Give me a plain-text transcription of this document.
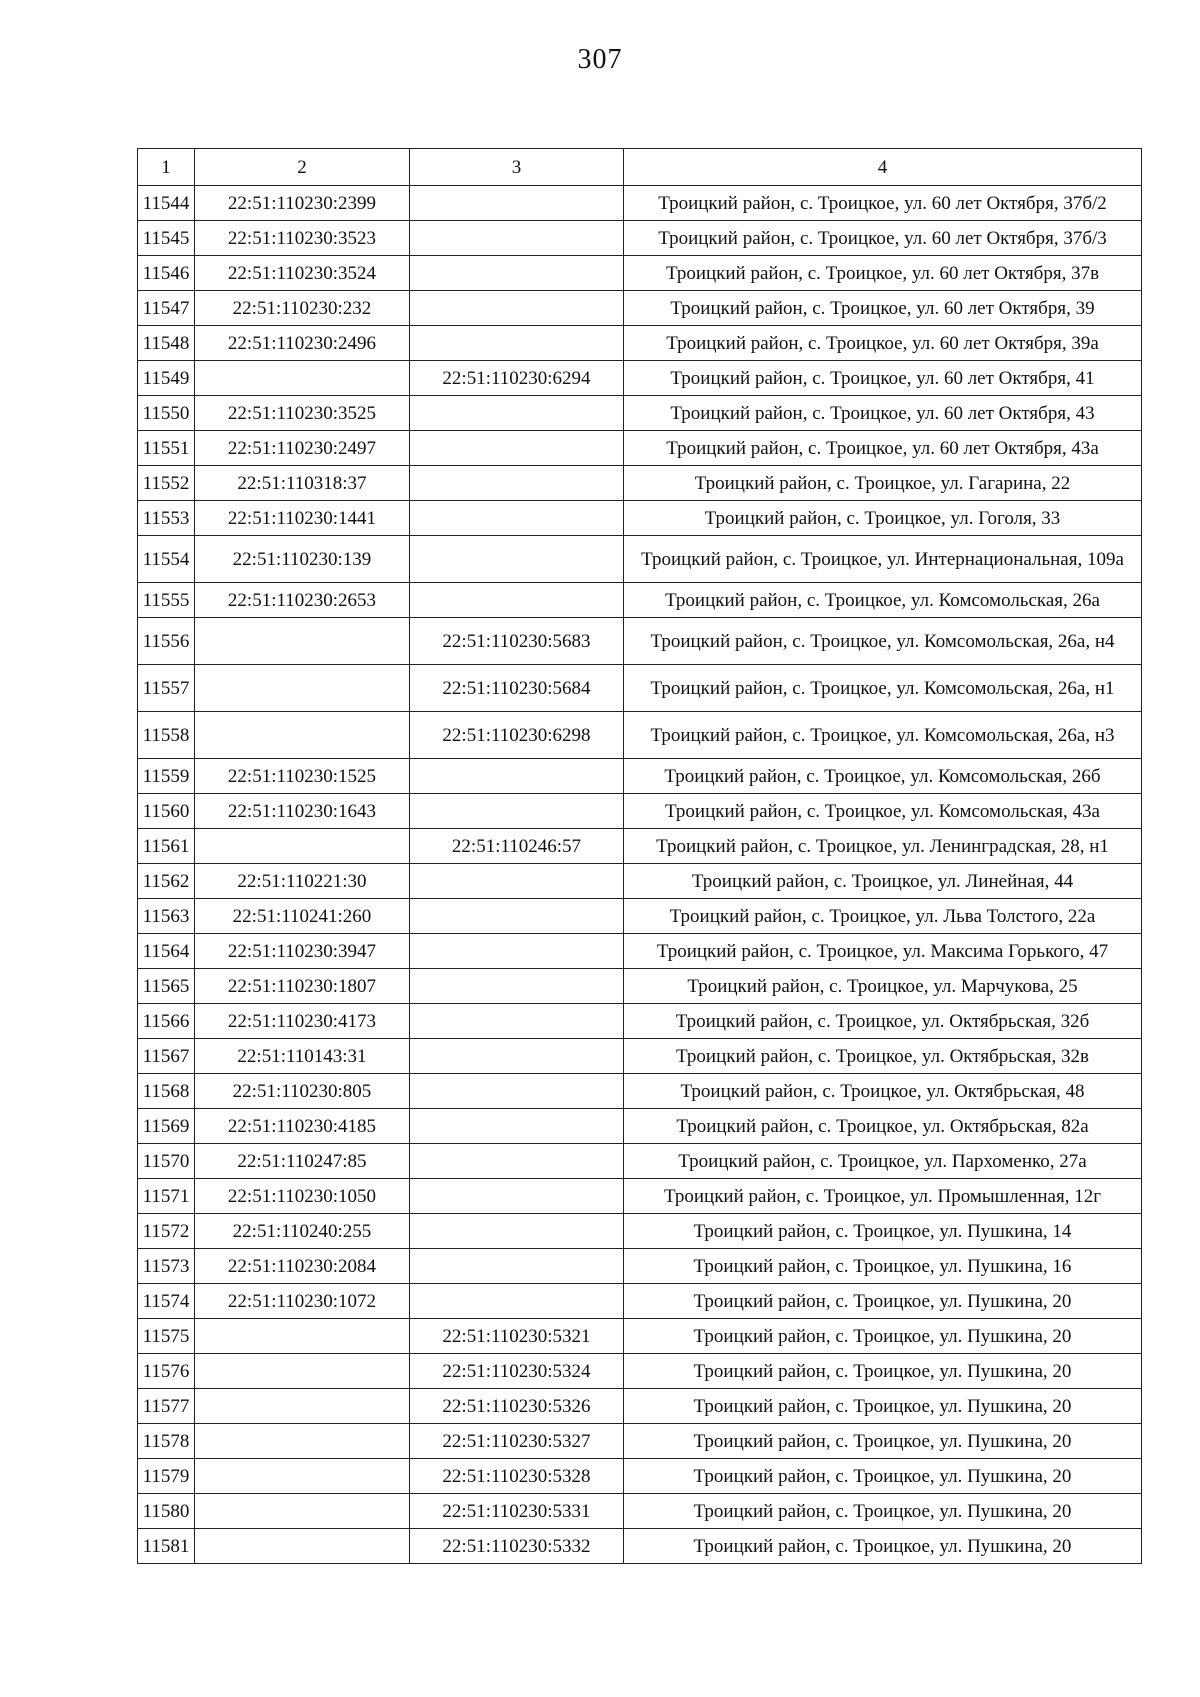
307
1	2	3	4
11544	22:51:110230:2399		Троицкий район, с. Троицкое, ул. 60 лет Октября, 37б/2
11545	22:51:110230:3523		Троицкий район, с. Троицкое, ул. 60 лет Октября, 37б/3
11546	22:51:110230:3524		Троицкий район, с. Троицкое, ул. 60 лет Октября, 37в
11547	22:51:110230:232		Троицкий район, с. Троицкое, ул. 60 лет Октября, 39
11548	22:51:110230:2496		Троицкий район, с. Троицкое, ул. 60 лет Октября, 39а
11549		22:51:110230:6294	Троицкий район, с. Троицкое, ул. 60 лет Октября, 41
11550	22:51:110230:3525		Троицкий район, с. Троицкое, ул. 60 лет Октября, 43
11551	22:51:110230:2497		Троицкий район, с. Троицкое, ул. 60 лет Октября, 43а
11552	22:51:110318:37		Троицкий район, с. Троицкое, ул. Гагарина, 22
11553	22:51:110230:1441		Троицкий район, с. Троицкое, ул. Гоголя, 33
11554	22:51:110230:139		Троицкий район, с. Троицкое, ул. Интернациональная, 109а
11555	22:51:110230:2653		Троицкий район, с. Троицкое, ул. Комсомольская, 26а
11556		22:51:110230:5683	Троицкий район, с. Троицкое, ул. Комсомольская, 26а, н4
11557		22:51:110230:5684	Троицкий район, с. Троицкое, ул. Комсомольская, 26а, н1
11558		22:51:110230:6298	Троицкий район, с. Троицкое, ул. Комсомольская, 26а, н3
11559	22:51:110230:1525		Троицкий район, с. Троицкое, ул. Комсомольская, 26б
11560	22:51:110230:1643		Троицкий район, с. Троицкое, ул. Комсомольская, 43а
11561		22:51:110246:57	Троицкий район, с. Троицкое, ул. Ленинградская, 28, н1
11562	22:51:110221:30		Троицкий район, с. Троицкое, ул. Линейная, 44
11563	22:51:110241:260		Троицкий район, с. Троицкое, ул. Льва Толстого, 22а
11564	22:51:110230:3947		Троицкий район, с. Троицкое, ул. Максима Горького, 47
11565	22:51:110230:1807		Троицкий район, с. Троицкое, ул. Марчукова, 25
11566	22:51:110230:4173		Троицкий район, с. Троицкое, ул. Октябрьская, 32б
11567	22:51:110143:31		Троицкий район, с. Троицкое, ул. Октябрьская, 32в
11568	22:51:110230:805		Троицкий район, с. Троицкое, ул. Октябрьская, 48
11569	22:51:110230:4185		Троицкий район, с. Троицкое, ул. Октябрьская, 82а
11570	22:51:110247:85		Троицкий район, с. Троицкое, ул. Пархоменко, 27а
11571	22:51:110230:1050		Троицкий район, с. Троицкое, ул. Промышленная, 12г
11572	22:51:110240:255		Троицкий район, с. Троицкое, ул. Пушкина, 14
11573	22:51:110230:2084		Троицкий район, с. Троицкое, ул. Пушкина, 16
11574	22:51:110230:1072		Троицкий район, с. Троицкое, ул. Пушкина, 20
11575		22:51:110230:5321	Троицкий район, с. Троицкое, ул. Пушкина, 20
11576		22:51:110230:5324	Троицкий район, с. Троицкое, ул. Пушкина, 20
11577		22:51:110230:5326	Троицкий район, с. Троицкое, ул. Пушкина, 20
11578		22:51:110230:5327	Троицкий район, с. Троицкое, ул. Пушкина, 20
11579		22:51:110230:5328	Троицкий район, с. Троицкое, ул. Пушкина, 20
11580		22:51:110230:5331	Троицкий район, с. Троицкое, ул. Пушкина, 20
11581		22:51:110230:5332	Троицкий район, с. Троицкое, ул. Пушкина, 20
